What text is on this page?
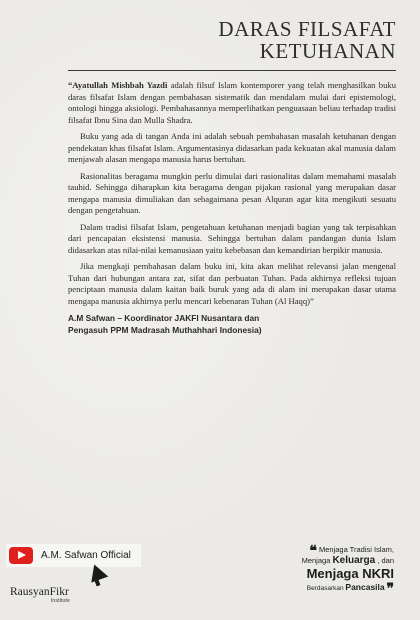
DARAS FILSAFAT
KETUHANAN

“Ayatullah Mishbah Yazdi adalah filsuf Islam kontemporer yang telah menghasilkan buku daras filsafat Islam dengan pembahasan sistematik dan mendalam mulai dari epistemologi, ontologi hingga aksiologi. Pembahasannya memperlihatkan penguasaan beliau terhadap tradisi filsafat Ibnu Sina dan Mulla Shadra.

Buku yang ada di tangan Anda ini adalah sebuah pembahasan masalah ketuhanan dengan pendekatan khas filsafat Islam. Argumentasinya didasarkan pada kekuatan akal manusia dalam menjawab alasan mengapa manusia harus bertuhan.

Rasionalitas beragama mungkin perlu dimulai dari rasionalitas dalam memahami masalah tauhid. Sehingga diharapkan kita beragama dengan pijakan rasional yang merupakan dasar mengapa manusia dimuliakan dan sebagaimana pesan Alquran agar kita mengikuti sesuatu dengan pengetahuan.

Dalam tradisi filsafat Islam, pengetahuan ketuhanan menjadi bagian yang tak terpisahkan dari pencapaian eksistensi manusia. Sehingga bertuhan dalam pandangan dunia Islam didasarkan atas nilai-nilai kemanusiaan yaitu kebebasan dan kemandirian berpikir manusia.

Jika mengkaji pembahasan dalam buku ini, kita akan melihat relevansi jalan mengenal Tuhan dari hubungan antara zat, sifat dan perbuatan Tuhan. Pada akhirnya refleksi tujuan penciptaan manusia dalam kaitan baik buruk yang ada di alam ini merupakan dasar utama mengapa manusia akhirnya perlu mencari kebenaran Tuhan (Al Haqq)”

A.M Safwan – Koordinator JAKFI Nusantara dan
Pengasuh PPM Madrasah Muthahhari Indonesia)
A.M. Safwan Official
RausyanFikr
Institute
❝ Menjaga Tradisi Islam,
Menjaga Keluarga , dan
Menjaga NKRI
Berdasarkan Pancasila ❞
